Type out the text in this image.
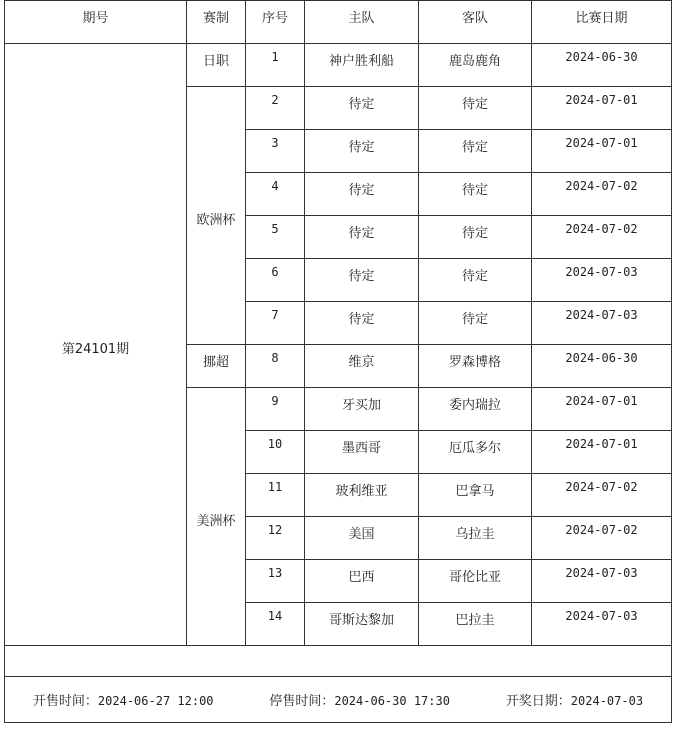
期号	赛制	序号	主队	客队	比赛日期
第24101期	日职	1	神户胜利船	鹿岛鹿角	2024-06-30
	欧洲杯	2	待定	待定	2024-07-01
		3	待定	待定	2024-07-01
		4	待定	待定	2024-07-02
		5	待定	待定	2024-07-02
		6	待定	待定	2024-07-03
		7	待定	待定	2024-07-03
	挪超	8	维京	罗森博格	2024-06-30
	美洲杯	9	牙买加	委内瑞拉	2024-07-01
		10	墨西哥	厄瓜多尔	2024-07-01
		11	玻利维亚	巴拿马	2024-07-02
		12	美国	乌拉圭	2024-07-02
		13	巴西	哥伦比亚	2024-07-03
		14	哥斯达黎加	巴拉圭	2024-07-03

开售时间：2024-06-27 12:00 停售时间：2024-06-30 17:30 开奖日期：2024-07-03					
